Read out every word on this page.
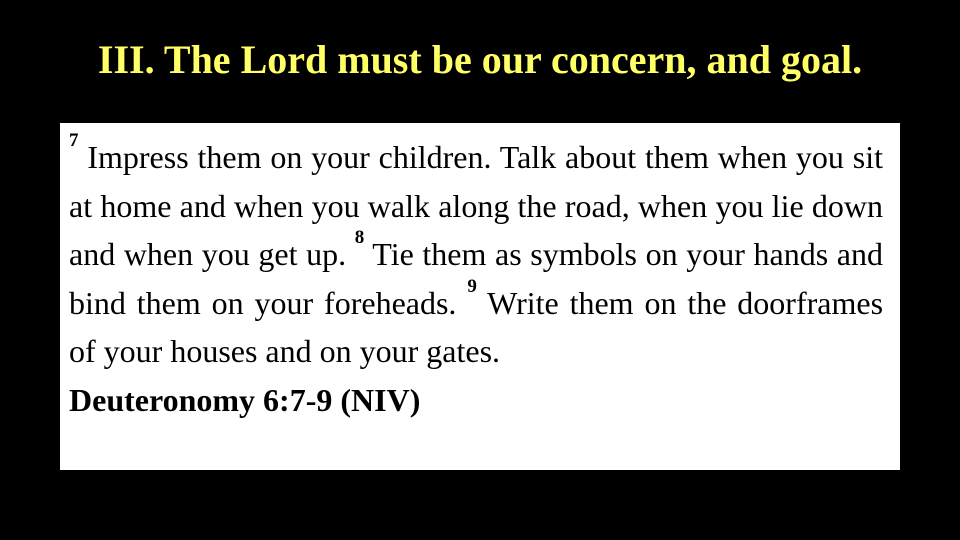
III. The Lord must be our concern, and goal.

$^7$ Impress them on your children. Talk about them when you sit at home and when you walk along the road, when you lie down and when you get up. $^8$ Tie them as symbols on your hands and bind them on your foreheads. $^9$ Write them on the doorframes of your houses and on your gates.

Deuteronomy 6:7-9 (NIV)
